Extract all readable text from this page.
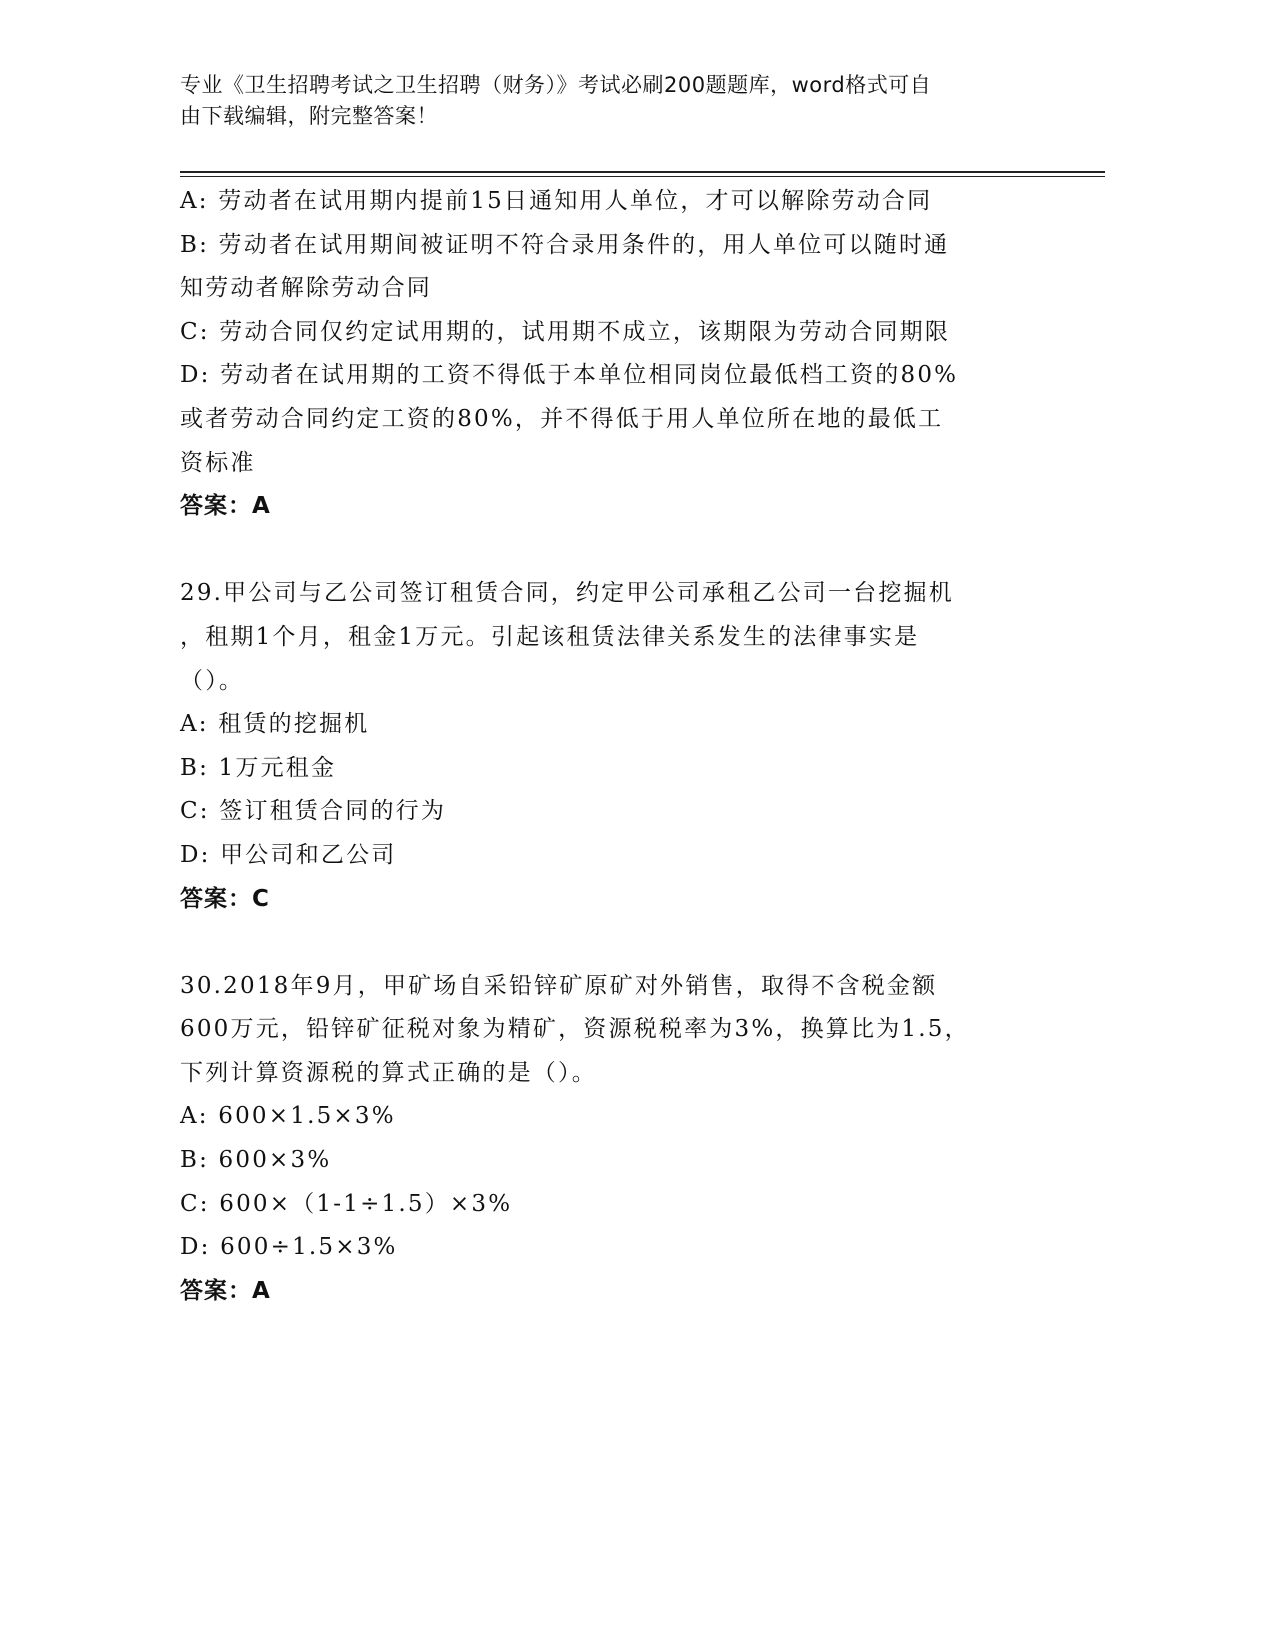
专业《卫生招聘考试之卫生招聘（财务）》考试必刷200题题库，word格式可自
由下载编辑，附完整答案！

A: 劳动者在试用期内提前15日通知用人单位，才可以解除劳动合同

B: 劳动者在试用期间被证明不符合录用条件的，用人单位可以随时通

知劳动者解除劳动合同

C: 劳动合同仅约定试用期的，试用期不成立，该期限为劳动合同期限

D: 劳动者在试用期的工资不得低于本单位相同岗位最低档工资的80%

或者劳动合同约定工资的80%，并不得低于用人单位所在地的最低工

资标准

答案：A

29.甲公司与乙公司签订租赁合同，约定甲公司承租乙公司一台挖掘机

，租期1个月，租金1万元。引起该租赁法律关系发生的法律事实是

（）。

A: 租赁的挖掘机

B: 1万元租金

C: 签订租赁合同的行为

D: 甲公司和乙公司

答案：C

30.2018年9月，甲矿场自采铅锌矿原矿对外销售，取得不含税金额

600万元，铅锌矿征税对象为精矿，资源税税率为3%，换算比为1.5，

下列计算资源税的算式正确的是（）。

A: 600×1.5×3%

B: 600×3%

C: 600×（1-1÷1.5）×3%

D: 600÷1.5×3%

答案：A
